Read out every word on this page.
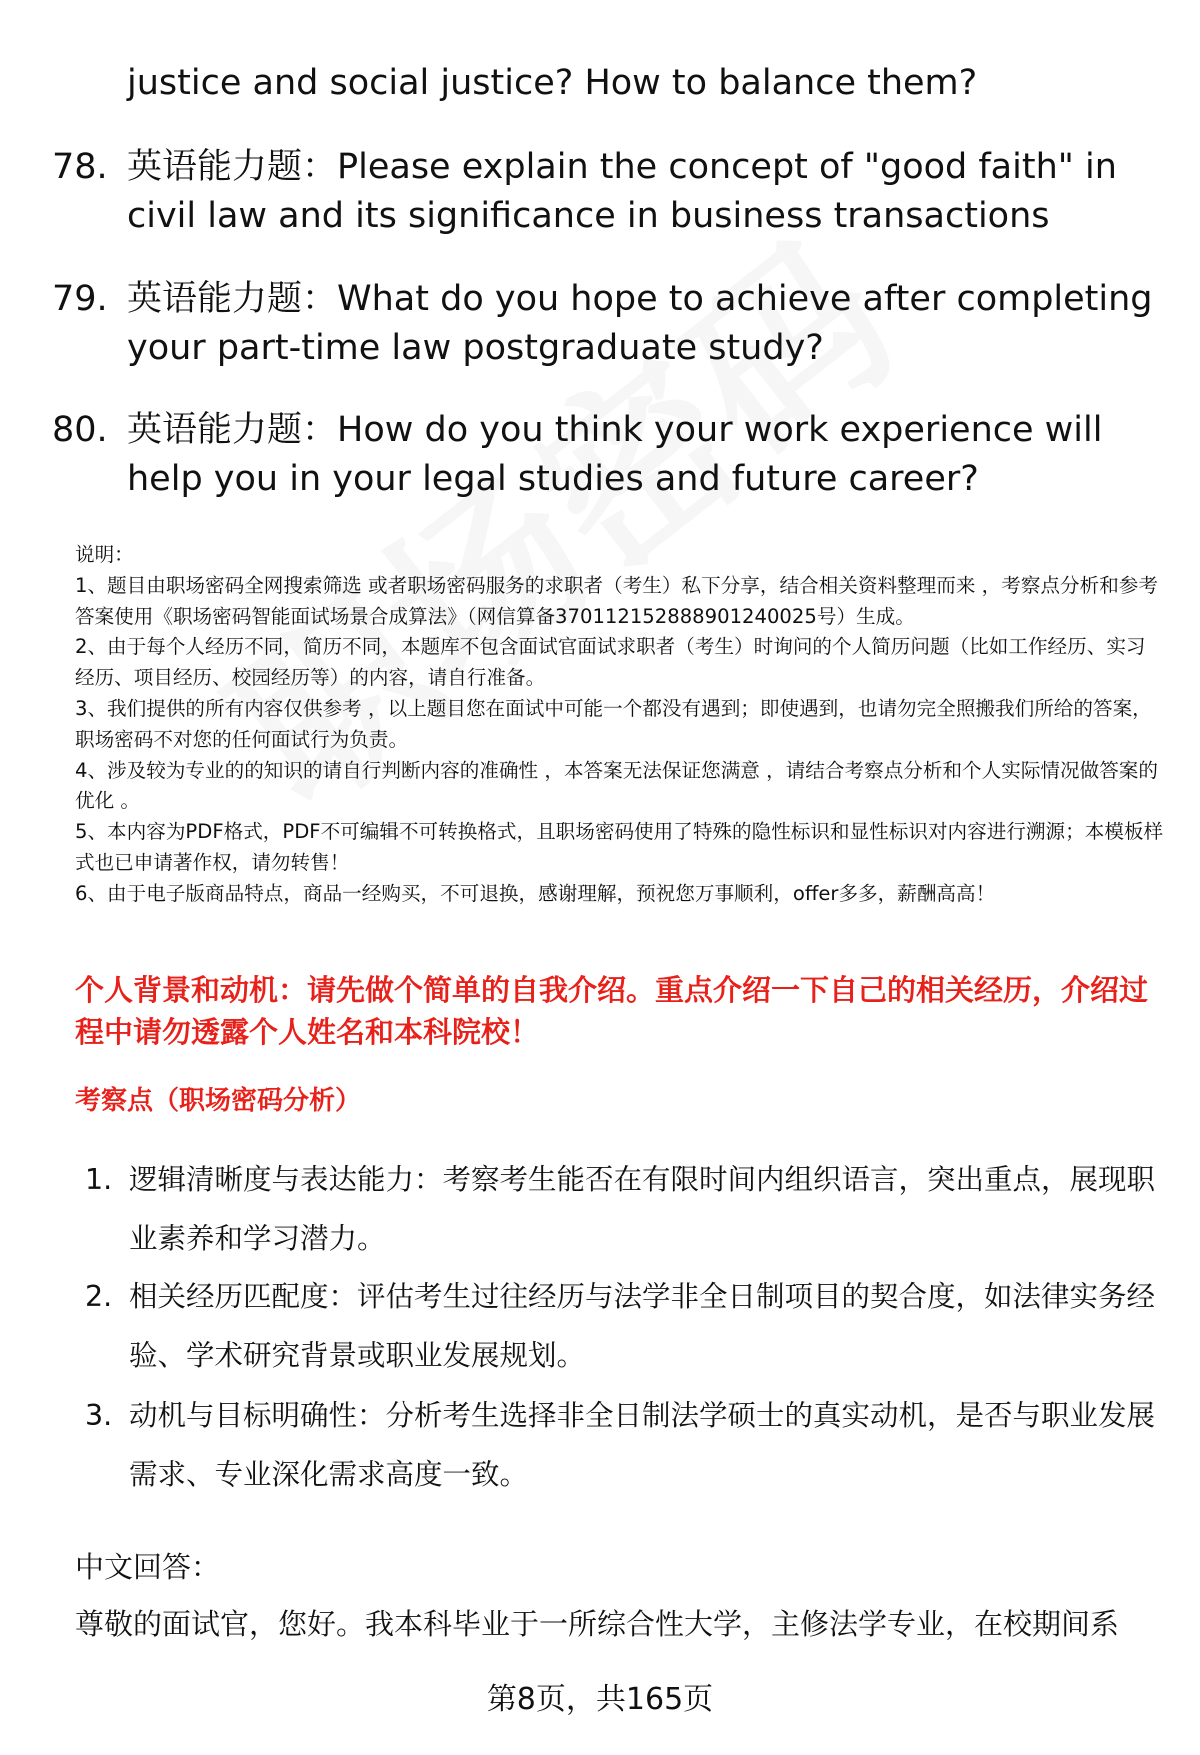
justice and social justice? How to balance them?
78. 英语能力题：Please explain the concept of "good faith" in civil law and its significance in business transactions
79. 英语能力题：What do you hope to achieve after completing your part-time law postgraduate study?
80. 英语能力题：How do you think your work experience will help you in your legal studies and future career?

说明：

1、题目由职场密码全网搜索筛选 或者职场密码服务的求职者（考生）私下分享，结合相关资料整理而来 ，考察点分析和参考答案使用《职场密码智能面试场景合成算法》（网信算备370112152888901240025号）生成。

2、由于每个人经历不同，简历不同，本题库不包含面试官面试求职者（考生）时询问的个人简历问题（比如工作经历、实习经历、项目经历、校园经历等）的内容，请自行准备。

3、我们提供的所有内容仅供参考 ，以上题目您在面试中可能一个都没有遇到；即使遇到，也请勿完全照搬我们所给的答案，职场密码不对您的任何面试行为负责。

4、涉及较为专业的的知识的请自行判断内容的准确性 ，本答案无法保证您满意 ，请结合考察点分析和个人实际情况做答案的优化 。

5、本内容为PDF格式，PDF不可编辑不可转换格式，且职场密码使用了特殊的隐性标识和显性标识对内容进行溯源；本模板样式也已申请著作权，请勿转售！

6、由于电子版商品特点，商品一经购买，不可退换，感谢理解，预祝您万事顺利，offer多多，薪酬高高！

个人背景和动机：请先做个简单的自我介绍。重点介绍一下自己的相关经历，介绍过程中请勿透露个人姓名和本科院校！
考察点（职场密码分析）
1. 逻辑清晰度与表达能力：考察考生能否在有限时间内组织语言，突出重点，展现职业素养和学习潜力。
2. 相关经历匹配度：评估考生过往经历与法学非全日制项目的契合度，如法律实务经验、学术研究背景或职业发展规划。
3. 动机与目标明确性：分析考生选择非全日制法学硕士的真实动机，是否与职业发展需求、专业深化需求高度一致。
中文回答：
尊敬的面试官，您好。我本科毕业于一所综合性大学，主修法学专业，在校期间系
第8页，共165页
